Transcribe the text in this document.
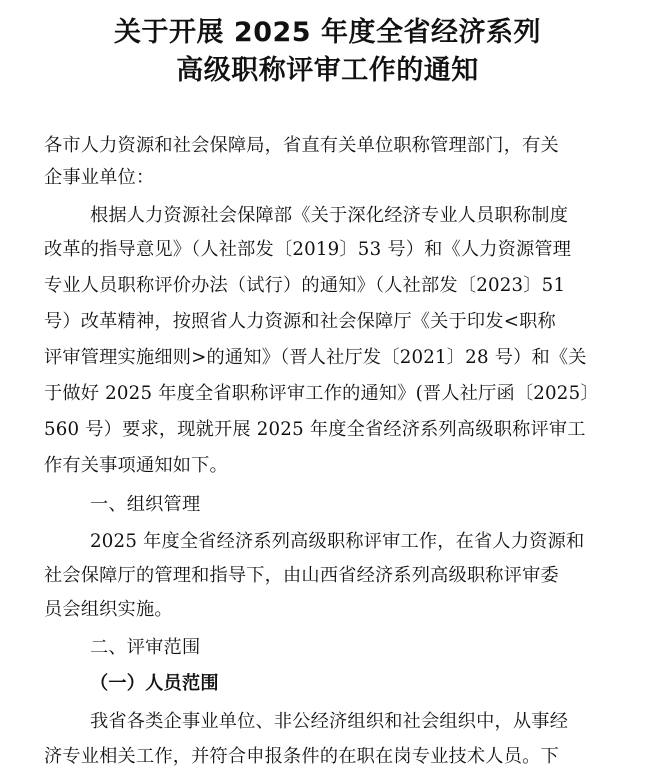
关于开展 2025 年度全省经济系列
高级职称评审工作的通知
各市人力资源和社会保障局，省直有关单位职称管理部门，有关
企事业单位：
根据人力资源社会保障部《关于深化经济专业人员职称制度
改革的指导意见》（人社部发〔2019〕53 号）和《人力资源管理
专业人员职称评价办法（试行）的通知》（人社部发〔2023〕51
号）改革精神，按照省人力资源和社会保障厅《关于印发<职称
评审管理实施细则>的通知》（晋人社厅发〔2021〕28 号）和《关
于做好 2025 年度全省职称评审工作的通知》(晋人社厅函〔2025〕
560 号）要求，现就开展 2025 年度全省经济系列高级职称评审工
作有关事项通知如下。
一、组织管理
2025 年度全省经济系列高级职称评审工作，在省人力资源和
社会保障厅的管理和指导下，由山西省经济系列高级职称评审委
员会组织实施。
二、评审范围
（一）人员范围
我省各类企事业单位、非公经济组织和社会组织中，从事经
济专业相关工作，并符合申报条件的在职在岗专业技术人员。下
